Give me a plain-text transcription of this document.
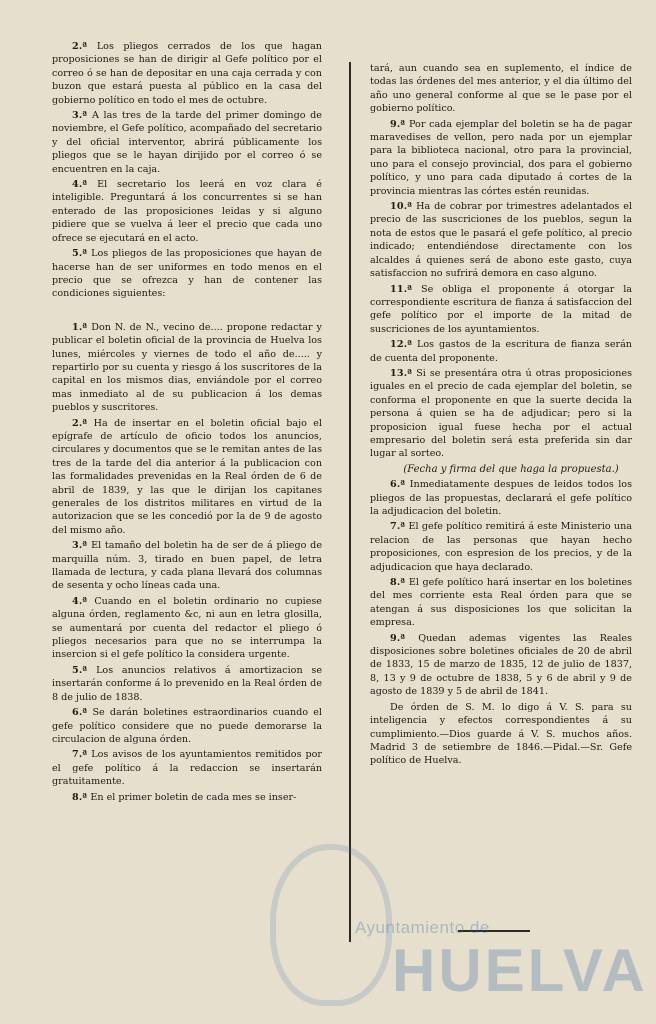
2.ª Los pliegos cerrados de los que hagan proposiciones se han de dirigir al Gefe político por el correo ó se han de depositar en una caja cerrada y con buzon que estará puesta al público en la casa del gobierno político en todo el mes de octubre.

3.ª A las tres de la tarde del primer domingo de noviembre, el Gefe político, acompañado del secretario y del oficial interventor, abrirá públicamente los pliegos que se le hayan dirijido por el correo ó se encuentren en la caja.

4.ª El secretario los leerá en voz clara é inteligible. Preguntará á los concurrentes si se han enterado de las proposiciones leidas y si alguno pidiere que se vuelva á leer el precio que cada uno ofrece se ejecutará en el acto.

5.ª Los pliegos de las proposiciones que hayan de hacerse han de ser uniformes en todo menos en el precio que se ofrezca y han de contener las condiciones siguientes:

1.ª Don N. de N., vecino de.... propone redactar y publicar el boletin oficial de la provincia de Huelva los lunes, miércoles y viernes de todo el año de..... y repartirlo por su cuenta y riesgo á los suscritores de la capital en los mismos dias, enviándole por el correo mas inmediato al de su publicacion á los demas pueblos y suscritores.

2.ª Ha de insertar en el boletin oficial bajo el epígrafe de artículo de oficio todos los anuncios, circulares y documentos que se le remitan antes de las tres de la tarde del dia anterior á la publicacion con las formalidades prevenidas en la Real órden de 6 de abril de 1839, y las que le dirijan los capitanes generales de los distritos militares en virtud de la autorizacion que se les concedió por la de 9 de agosto del mismo año.

3.ª El tamaño del boletin ha de ser de á pliego de marquilla núm. 3, tirado en buen papel, de letra llamada de lectura, y cada plana llevará dos columnas de sesenta y ocho líneas cada una.

4.ª Cuando en el boletin ordinario no cupiese alguna órden, reglamento &c, ni aun en letra glosilla, se aumentará por cuenta del redactor el pliego ó pliegos necesarios para que no se interrumpa la insercion si el gefe político la considera urgente.

5.ª Los anuncios relativos á amortizacion se insertarán conforme á lo prevenido en la Real órden de 8 de julio de 1838.

6.ª Se darán boletines estraordinarios cuando el gefe político considere que no puede demorarse la circulacion de alguna órden.

7.ª Los avisos de los ayuntamientos remitidos por el gefe político á la redaccion se insertarán gratuitamente.

8.ª En el primer boletin de cada mes se inser-

tará, aun cuando sea en suplemento, el índice de todas las órdenes del mes anterior, y el dia último del año uno general conforme al que se le pase por el gobierno político.

9.ª Por cada ejemplar del boletin se ha de pagar maravedises de vellon, pero nada por un ejemplar para la biblioteca nacional, otro para la provincial, uno para el consejo provincial, dos para el gobierno político, y uno para cada diputado á cortes de la provincia mientras las córtes estén reunidas.

10.ª Ha de cobrar por trimestres adelantados el precio de las suscriciones de los pueblos, segun la nota de estos que le pasará el gefe político, al precio indicado; entendiéndose directamente con los alcaldes á quienes será de abono este gasto, cuya satisfaccion no sufrirá demora en caso alguno.

11.ª Se obliga el proponente á otorgar la correspondiente escritura de fianza á satisfaccion del gefe político por el importe de la mitad de suscriciones de los ayuntamientos.

12.ª Los gastos de la escritura de fianza serán de cuenta del proponente.

13.ª Si se presentára otra ú otras proposiciones iguales en el precio de cada ejemplar del boletin, se conforma el proponente en que la suerte decida la persona á quien se ha de adjudicar; pero si la proposicion igual fuese hecha por el actual empresario del boletin será esta preferida sin dar lugar al sorteo.

(Fecha y firma del que haga la propuesta.)

6.ª Inmediatamente despues de leidos todos los pliegos de las propuestas, declarará el gefe político la adjudicacion del boletin.

7.ª El gefe político remitirá á este Ministerio una relacion de las personas que hayan hecho proposiciones, con espresion de los precios, y de la adjudicacion que haya declarado.

8.ª El gefe político hará insertar en los boletines del mes corriente esta Real órden para que se atengan á sus disposiciones los que solicitan la empresa.

9.ª Quedan ademas vigentes las Reales disposiciones sobre boletines oficiales de 20 de abril de 1833, 15 de marzo de 1835, 12 de julio de 1837, 8, 13 y 9 de octubre de 1838, 5 y 6 de abril y 9 de agosto de 1839 y 5 de abril de 1841.

De órden de S. M. lo digo á V. S. para su inteligencia y efectos correspondientes á su cumplimiento.—Dios guarde á V. S. muchos años. Madrid 3 de setiembre de 1846.—Pidal.—Sr. Gefe político de Huelva.

Ayuntamiento de
HUELVA
